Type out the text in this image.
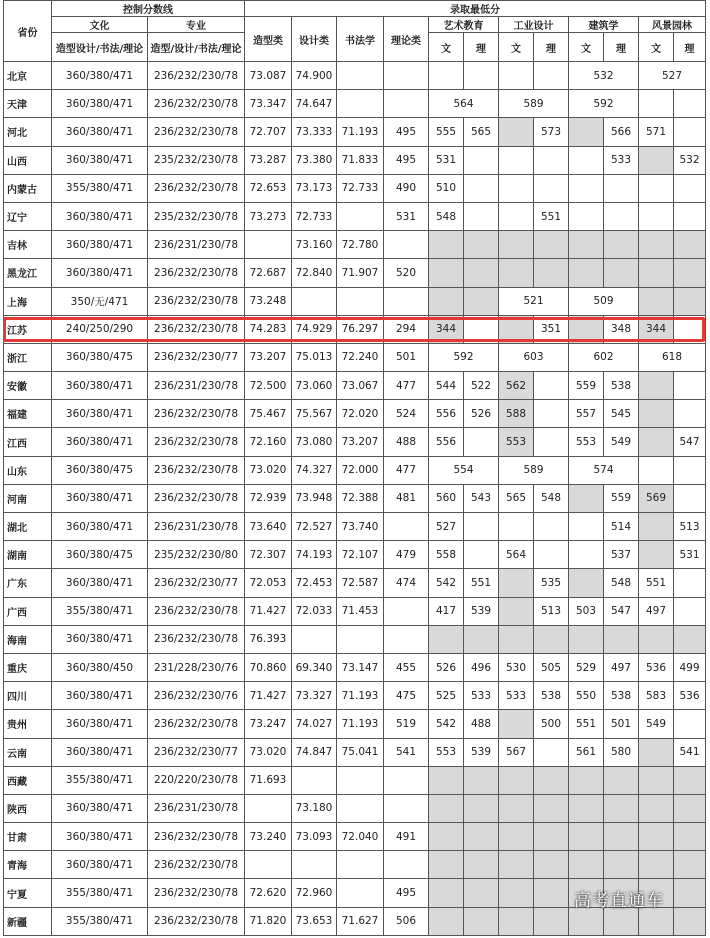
省份	控制分数线		录取最低分											
	文化	专业	造型类	设计类	书法学	理论类	艺术教育		工业设计		建筑学		风景园林	
	造型设计/书法/理论	造型/设计/书法/理论					文	理	文	理	文	理	文	理
北京	360/380/471	236/232/230/78	73.087	74.900							532		527	
天津	360/380/471	236/232/230/78	73.347	74.647			564		589		592			
河北	360/380/471	236/232/230/78	72.707	73.333	71.193	495	555	565		573		566	571	
山西	360/380/471	235/232/230/78	73.287	73.380	71.833	495	531					533		532
内蒙古	355/380/471	236/232/230/78	72.653	73.173	72.733	490	510							
辽宁	360/380/471	235/232/230/78	73.273	72.733		531	548			551				
吉林	360/380/471	236/231/230/78		73.160	72.780									
黑龙江	360/380/471	236/232/230/78	72.687	72.840	71.907	520								
上海	350/无/471	236/232/230/78	73.248						521		509			
江苏	240/250/290	236/232/230/78	74.283	74.929	76.297	294	344			351		348	344	
浙江	360/380/475	236/232/230/77	73.207	75.013	72.240	501	592		603		602		618	
安徽	360/380/471	236/231/230/78	72.500	73.060	73.067	477	544	522	562		559	538		
福建	360/380/471	236/232/230/78	75.467	75.567	72.020	524	556	526	588		557	545		
江西	360/380/471	236/232/230/78	72.160	73.080	73.207	488	556		553		553	549		547
山东	360/380/475	236/232/230/78	73.020	74.327	72.000	477	554		589		574			
河南	360/380/471	236/232/230/78	72.939	73.948	72.388	481	560	543	565	548		559	569	
湖北	360/380/471	236/231/230/78	73.640	72.527	73.740		527					514		513
湖南	360/380/475	235/232/230/80	72.307	74.193	72.107	479	558		564			537		531
广东	360/380/471	236/232/230/77	72.053	72.453	72.587	474	542	551		535		548	551	
广西	355/380/471	236/232/230/78	71.427	72.033	71.453		417	539		513	503	547	497	
海南	360/380/471	236/232/230/78	76.393											
重庆	360/380/450	231/228/230/76	70.860	69.340	73.147	455	526	496	530	505	529	497	536	499
四川	360/380/471	236/232/230/76	71.427	73.327	71.193	475	525	533	533	538	550	538	583	536
贵州	360/380/471	236/232/230/78	73.247	74.027	71.193	519	542	488		500	551	501	549	
云南	360/380/471	236/232/230/77	73.020	74.847	75.041	541	553	539	567		561	580		541
西藏	355/380/471	220/220/230/78	71.693											
陕西	360/380/471	236/231/230/78		73.180										
甘肃	360/380/471	236/232/230/78	73.240	73.093	72.040	491								
青海	360/380/471	236/232/230/78												
宁夏	355/380/471	236/232/230/78	72.620	72.960		495								
新疆	355/380/471	236/232/230/78	71.820	73.653	71.627	506								
高考直通车
